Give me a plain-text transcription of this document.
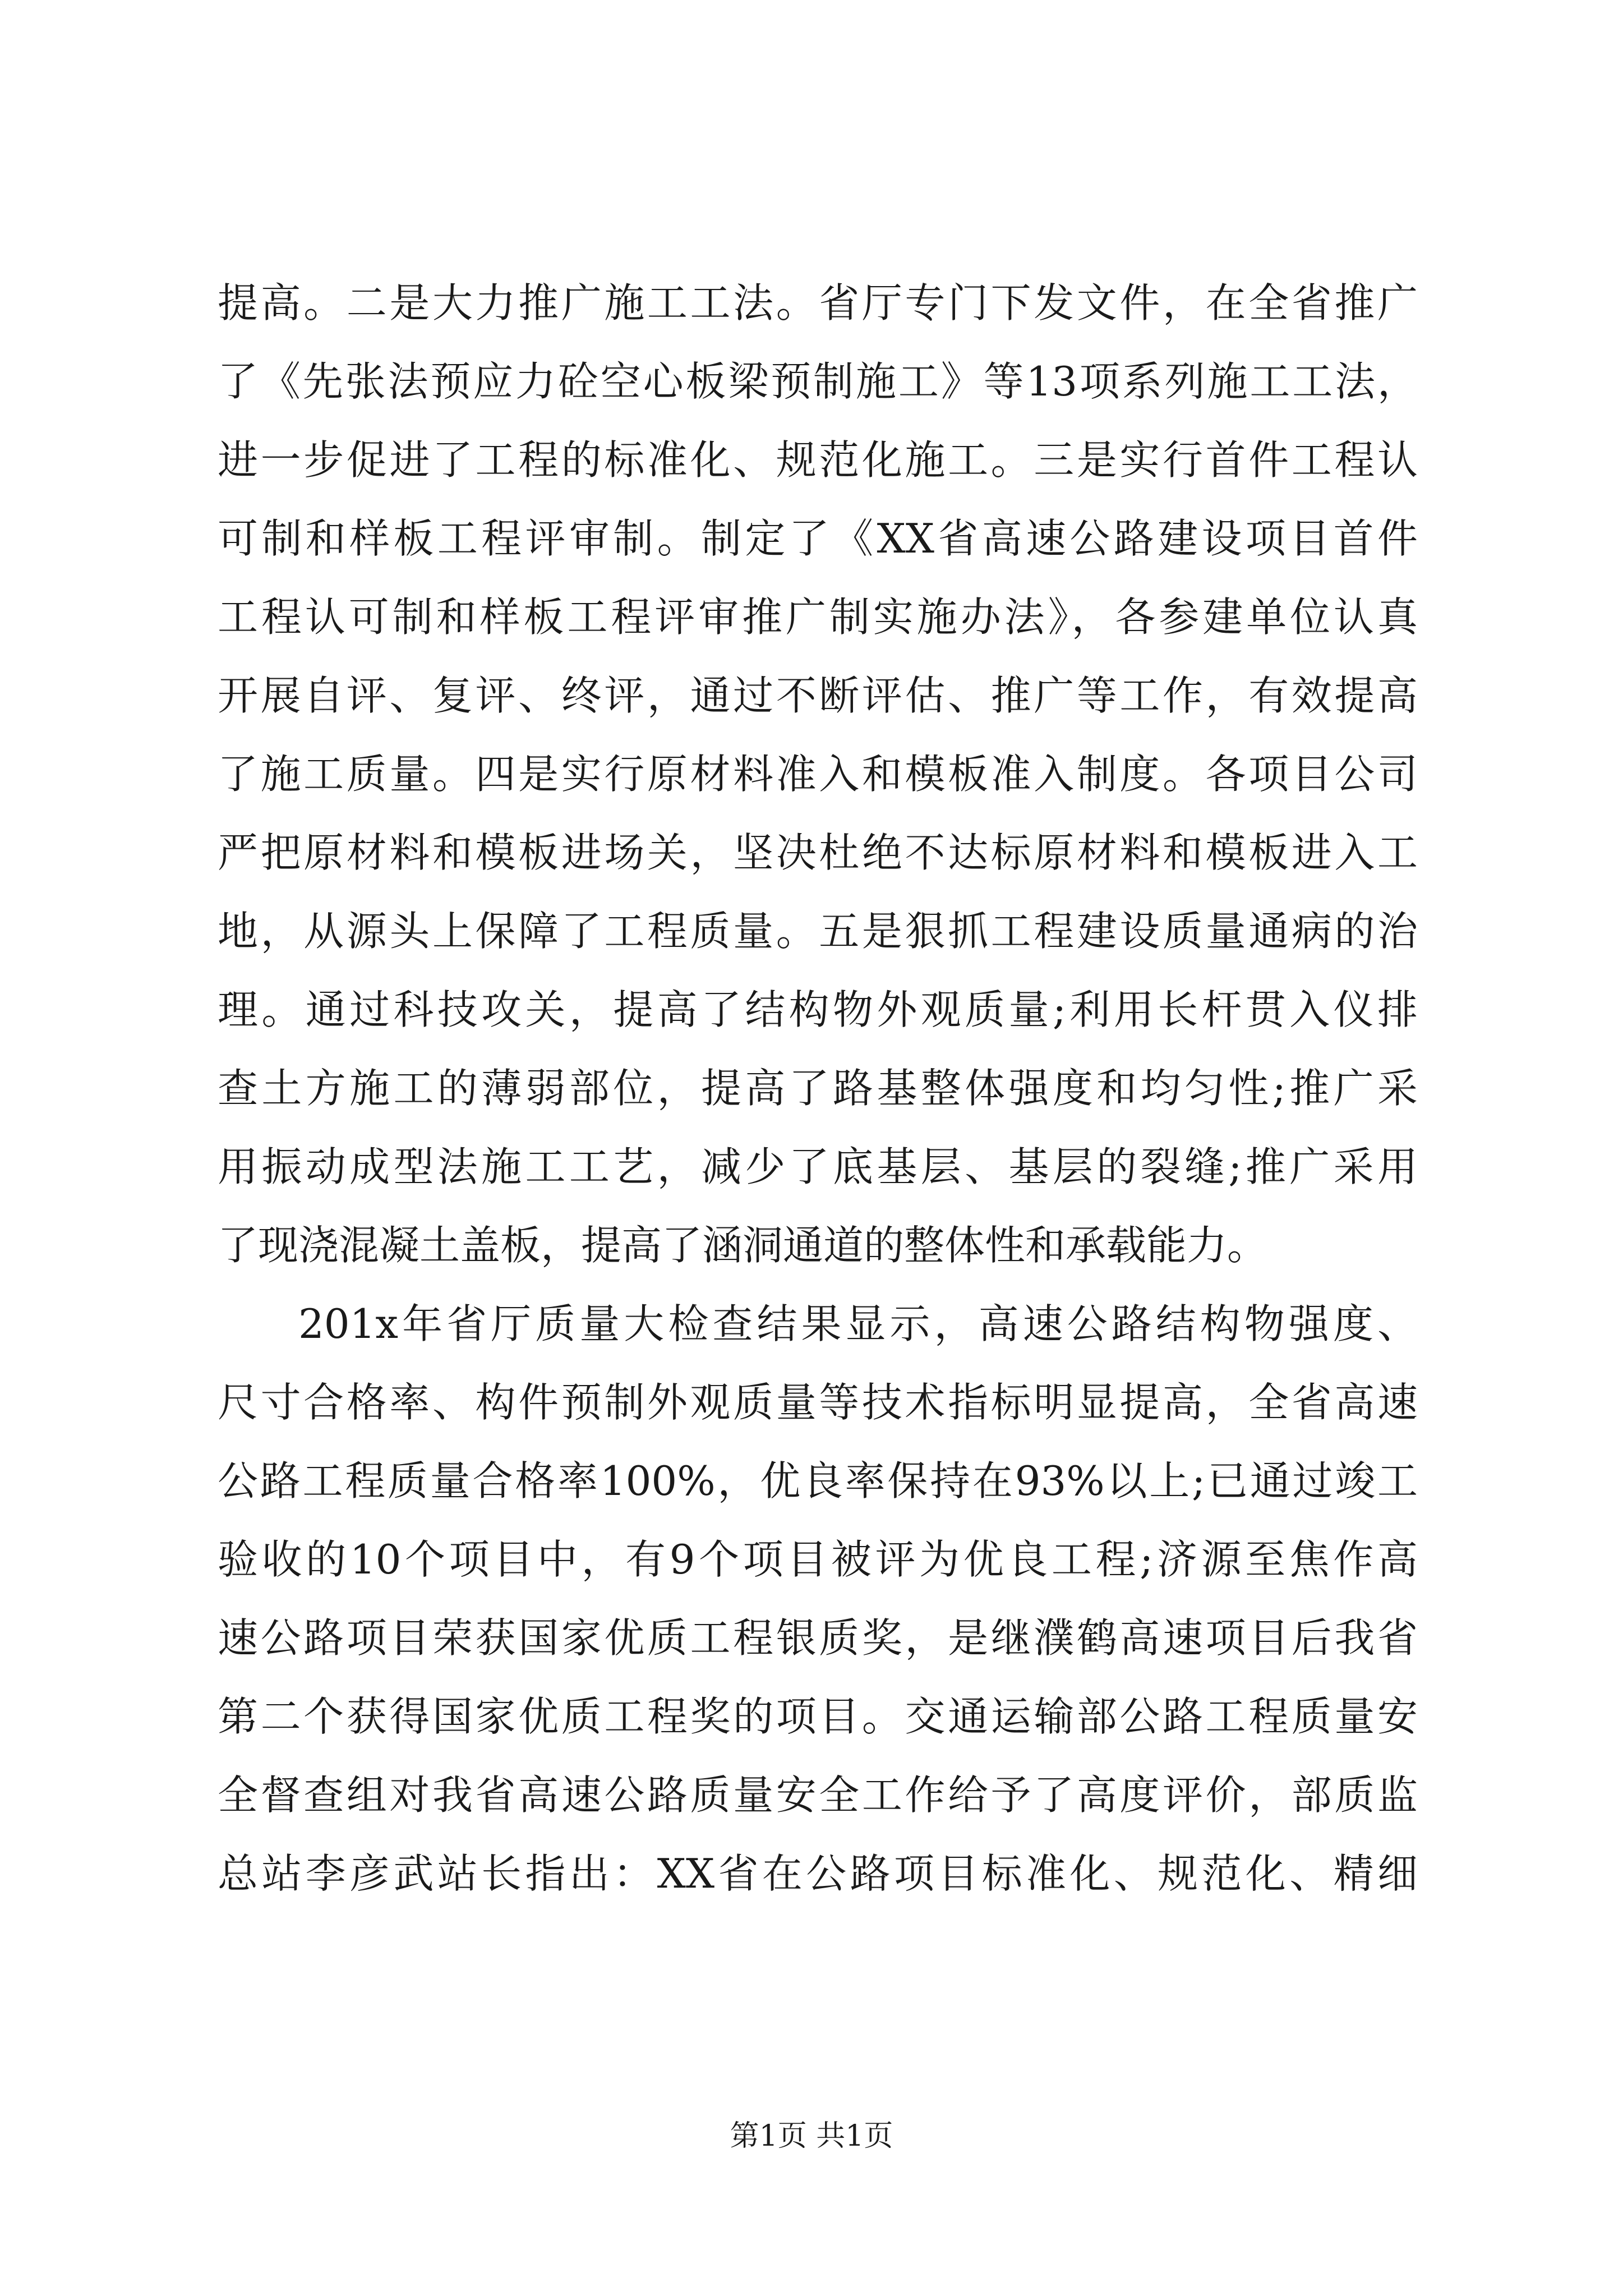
提高。二是大力推广施工工法。省厅专门下发文件，在全省推广
了《先张法预应力砼空心板梁预制施工》等13项系列施工工法，
进一步促进了工程的标准化、规范化施工。三是实行首件工程认
可制和样板工程评审制。制定了《XX省高速公路建设项目首件
工程认可制和样板工程评审推广制实施办法》，各参建单位认真
开展自评、复评、终评，通过不断评估、推广等工作，有效提高
了施工质量。四是实行原材料准入和模板准入制度。各项目公司
严把原材料和模板进场关，坚决杜绝不达标原材料和模板进入工
地，从源头上保障了工程质量。五是狠抓工程建设质量通病的治
理。通过科技攻关，提高了结构物外观质量;利用长杆贯入仪排
查土方施工的薄弱部位，提高了路基整体强度和均匀性;推广采
用振动成型法施工工艺，减少了底基层、基层的裂缝;推广采用
了现浇混凝土盖板，提高了涵洞通道的整体性和承载能力。
201x年省厅质量大检查结果显示，高速公路结构物强度、
尺寸合格率、构件预制外观质量等技术指标明显提高，全省高速
公路工程质量合格率100%，优良率保持在93%以上;已通过竣工
验收的10个项目中，有9个项目被评为优良工程;济源至焦作高
速公路项目荣获国家优质工程银质奖，是继濮鹤高速项目后我省
第二个获得国家优质工程奖的项目。交通运输部公路工程质量安
全督查组对我省高速公路质量安全工作给予了高度评价，部质监
总站李彦武站长指出：XX省在公路项目标准化、规范化、精细
第1页 共1页
